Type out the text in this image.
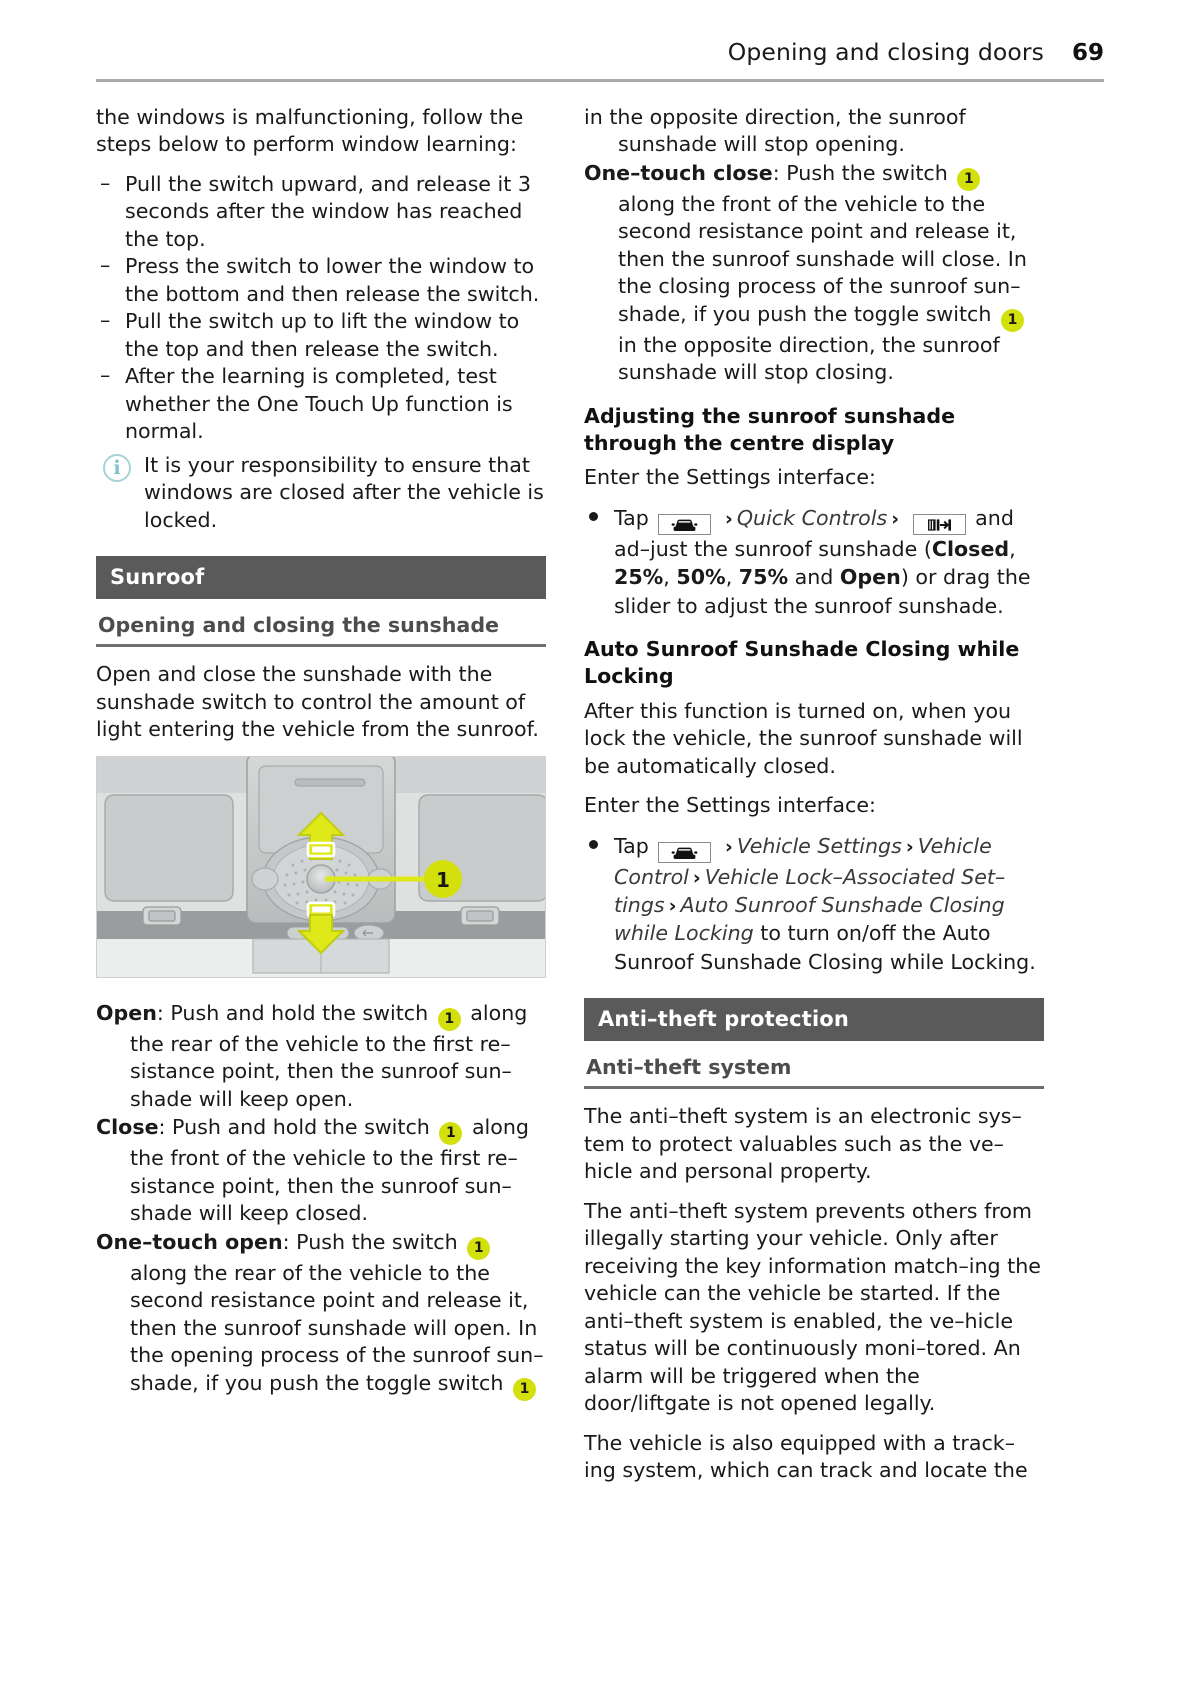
Opening and closing doors 69

the windows is malfunctioning, follow the steps below to perform window learning:

– Pull the switch upward, and release it 3 seconds after the window has reached the top.
– Press the switch to lower the window to the bottom and then release the switch.
– Pull the switch up to lift the window to the top and then release the switch.
– After the learning is completed, test whether the One Touch Up function is normal.
i	It is your responsibility to ensure that windows are closed after the vehicle is locked.
Sunroof
Opening and closing the sunshade

Open and close the sunshade with the sunshade switch to control the amount of light entering the vehicle from the sunroof.

1

Open: Push and hold the switch 1 along the rear of the vehicle to the first re–sistance point, then the sunroof sun–shade will keep open.

Close: Push and hold the switch 1 along the front of the vehicle to the first re–sistance point, then the sunroof sun–shade will keep closed.

One–touch open: Push the switch 1 along the rear of the vehicle to the second resistance point and release it, then the sunroof sunshade will open. In the opening process of the sunroof sun–shade, if you push the toggle switch 1

in the opposite direction, the sunroof sunshade will stop opening.

One–touch close: Push the switch 1 along the front of the vehicle to the second resistance point and release it, then the sunroof sunshade will close. In the closing process of the sunroof sun–shade, if you push the toggle switch 1 in the opposite direction, the sunroof sunshade will stop closing.

Adjusting the sunroof sunshade through the centre display

Enter the Settings interface:

Tap	› Quick Controls ›	and ad–just the sunroof sunshade (Closed, 25%, 50%, 75% and Open) or drag the slider to adjust the sunroof sunshade.
Auto Sunroof Sunshade Closing while Locking

After this function is turned on, when you lock the vehicle, the sunroof sunshade will be automatically closed.

Enter the Settings interface:

Tap	› Vehicle Settings › Vehicle Control › Vehicle Lock–Associated Set–tings › Auto Sunroof Sunshade Closing while Locking to turn on/off the Auto Sunroof Sunshade Closing while Locking.
Anti–theft protection
Anti–theft system

The anti–theft system is an electronic sys–tem to protect valuables such as the ve–hicle and personal property.

The anti–theft system prevents others from illegally starting your vehicle. Only after receiving the key information match–ing the vehicle can the vehicle be started. If the anti–theft system is enabled, the ve–hicle status will be continuously moni–tored. An alarm will be triggered when the door/liftgate is not opened legally.

The vehicle is also equipped with a track–ing system, which can track and locate the
